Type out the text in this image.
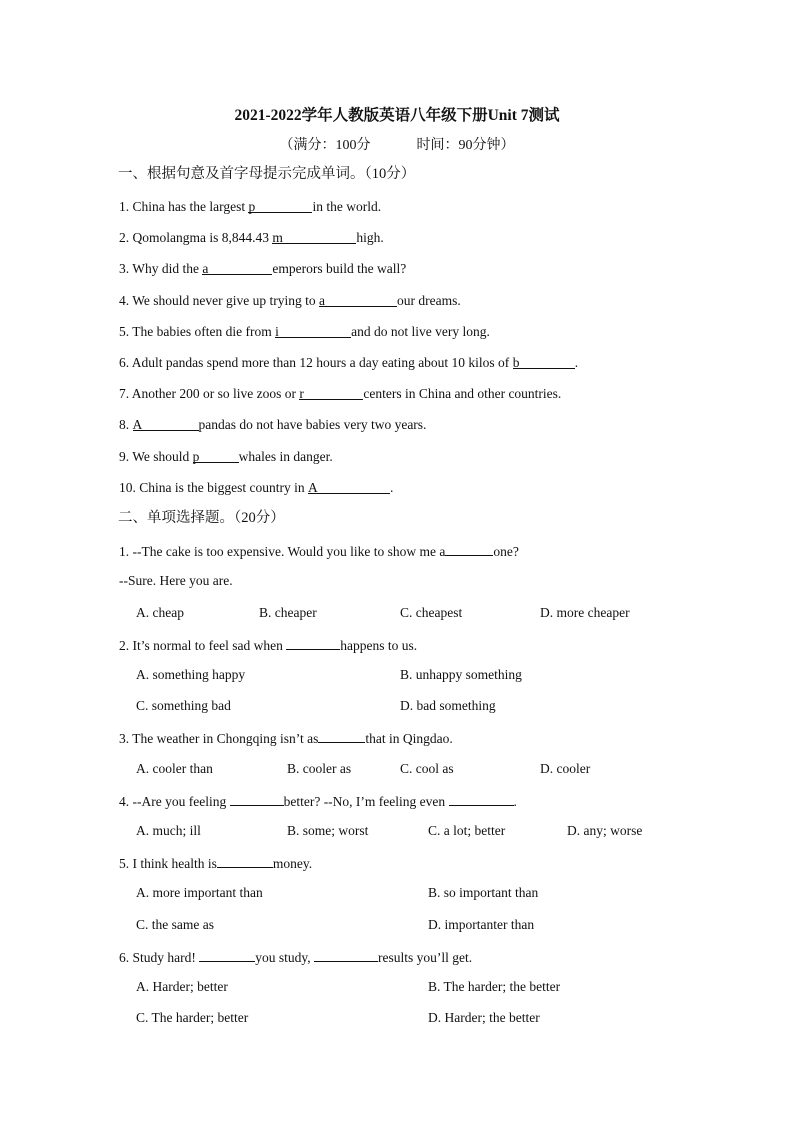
2021-2022学年人教版英语八年级下册Unit 7测试
（满分：100分	时间：90分钟）
一、根据句意及首字母提示完成单词。（10分）
1. China has the largest p	in the world.
2. Qomolangma is 8,844.43 m	high.
3. Why did the a	emperors build the wall?
4. We should never give up trying to a	our dreams.
5. The babies often die from i	and do not live very long.
6. Adult pandas spend more than 12 hours a day eating about 10 kilos of b	.
7. Another 200 or so live zoos or r	centers in China and other countries.
8. A	pandas do not have babies very two years.
9. We should p	whales in danger.
10. China is the biggest country in A	.
二、单项选择题。（20分）
1. --The cake is too expensive. Would you like to show me a	one?
--Sure. Here you are.
A. cheap	B. cheaper	C. cheapest	D. more cheaper
2. It’s normal to feel sad when	happens to us.
A. something happy	B. unhappy something
C. something bad	D. bad something
3. The weather in Chongqing isn’t as	that in Qingdao.
A. cooler than	B. cooler as	C. cool as	D. cooler
4. --Are you feeling	better? --No, I’m feeling even	.
A. much; ill	B. some; worst	C. a lot; better	D. any; worse
5. I think health is	money.
A. more important than	B. so important than
C. the same as	D. importanter than
6. Study hard!	you study,	results you’ll get.
A. Harder; better	B. The harder; the better
C. The harder; better	D. Harder; the better
